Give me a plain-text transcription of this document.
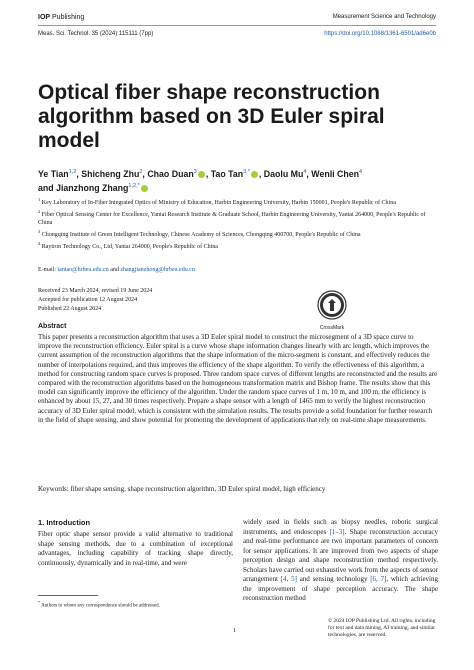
IOP Publishing	Measurement Science and Technology
Meas. Sci. Technol. 35 (2024) 115111 (7pp)	https://doi.org/10.1088/1361-6501/ad6e0b
Optical fiber shape reconstruction algorithm based on 3D Euler spiral model
Ye Tian$^{1,2}$, Shicheng Zhu$^2$, Chao Duan$^3$ , Tao Tan$^{3,*}$ , Daolu Mu$^4$, Wenli Chen$^4$
and Jianzhong Zhang$^{1,2,*}$
$^1$ Key Laboratory of In-Fiber Integrated Optics of Ministry of Education, Harbin Engineering University, Harbin 150001, People's Republic of China
$^2$ Fiber Optical Sensing Center for Excellence, Yantai Research Institute & Graduate School, Harbin Engineering University, Yantai 264000, People's Republic of China
$^3$ Chongqing Institute of Green Intelligent Technology, Chinese Academy of Sciences, Chongqing 400700, People's Republic of China
$^4$ Raytron Technology Co., Ltd, Yantai 264000, People's Republic of China
E-mail: tantao@hrbeu.edu.cn and zhangjianzhong@hrbeu.edu.cn
Received 23 March 2024, revised 19 June 2024
Accepted for publication 12 August 2024
Published 22 August 2024
CrossMark
Abstract
This paper presents a reconstruction algorithm that uses a 3D Euler spiral model to construct the microsegment of a 3D space curve to improve the reconstruction efficiency. Euler spiral is a curve whose shape information changes linearly with arc length, which improves the current assumption of the reconstruction algorithms that the shape information of the micro-segment is constant, and effectively reduces the number of interpolations required, and thus improves the efficiency of the shape algorithm. To verify the effectiveness of this algorithm, a method for constructing random space curves is proposed. Three random space curves of different lengths are reconstructed and the results are compared with the reconstruction algorithms based on the homogeneous transformation matrix and Bishop frame. The results show that this model can significantly improve the efficiency of the algorithm. Under the random space curves of 1 m, 10 m, and 100 m, the efficiency is enhanced by about 15, 27, and 30 times respectively. Prepare a shape sensor with a length of 1465 mm to verify the highest reconstruction accuracy of 3D Euler spiral model, which is consistent with the simulation results. The results provide a solid foundation for further research in the field of shape sensing, and show potential for promoting the development of applications that rely on real-time shape measurements.
Keywords: fiber shape sensing, shape reconstruction algorithm, 3D Euler spiral model, high efficiency
1. Introduction
Fiber optic shape sensor provide a valid alternative to traditional shape sensing methods, due to a combination of exceptional advantages, including capability of tracking shape directly, continuously, dynamically and in real-time, and were
widely used in fields such as biopsy needles, robotic surgical instruments, and endoscopes [1–3]. Shape reconstruction accuracy and real-time performance are two important parameters of concern for sensor applications. It are improved from two aspects of shape perception design and shape reconstruction method respectively. Scholars have carried out exhaustive work from the aspects of sensor arrangement [4, 5] and sensing technology [6, 7], which achieving the improvement of shape perception accuracy. The shape reconstruction method
* Authors to whom any correspondence should be addressed.
1
© 2024 IOP Publishing Ltd. All rights, including for text and data mining, AI training, and similar technologies, are reserved.
